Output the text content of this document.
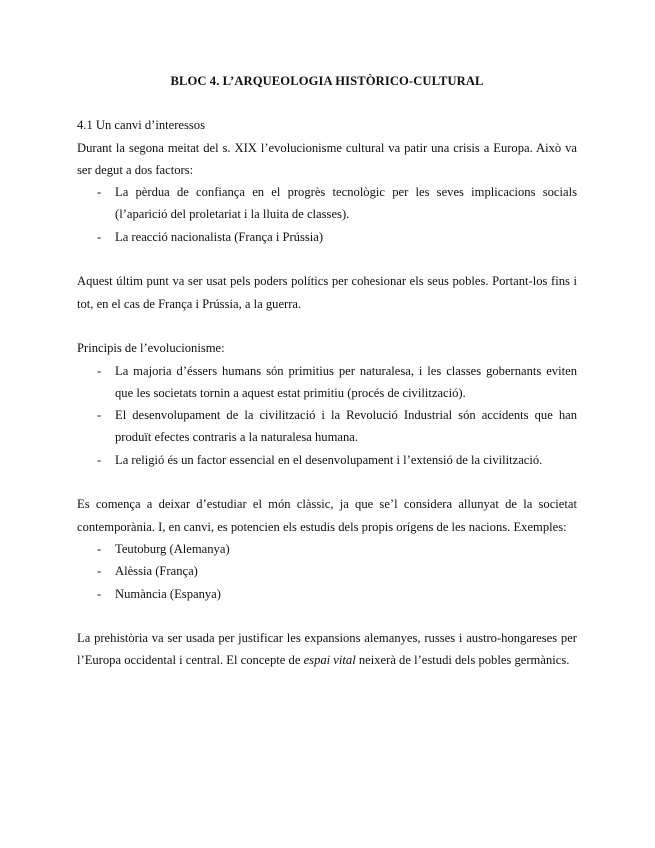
BLOC 4. L’ARQUEOLOGIA HISTÒRICO-CULTURAL

4.1 Un canvi d’interessos

Durant la segona meitat del s. XIX l’evolucionisme cultural va patir una crisis a Europa. Això va ser degut a dos factors:

- La pèrdua de confiança en el progrès tecnològic per les seves implicacions socials (l’aparició del proletariat i la lluita de classes).
- La reacció nacionalista (França i Prússia)

Aquest últim punt va ser usat pels poders polítics per cohesionar els seus pobles. Portant-los fins i tot, en el cas de França i Prússia, a la guerra.

Principis de l’evolucionisme:

- La majoria d’éssers humans són primitius per naturalesa, i les classes gobernants eviten que les societats tornin a aquest estat primitiu (procés de civilització).
- El desenvolupament de la civilització i la Revolució Industrial són accidents que han produït efectes contraris a la naturalesa humana.
- La religió és un factor essencial en el desenvolupament i l’extensió de la civilització.

Es comença a deixar d’estudiar el món clàssic, ja que se’l considera allunyat de la societat contemporània. I, en canvi, es potencien els estudis dels propis orígens de les nacions. Exemples:

- Teutoburg (Alemanya)
- Alèssia (França)
- Numància (Espanya)

La prehistòria va ser usada per justificar les expansions alemanyes, russes i austro-hongareses per l’Europa occidental i central. El concepte de espai vital neixerà de l’estudi dels pobles germànics.
